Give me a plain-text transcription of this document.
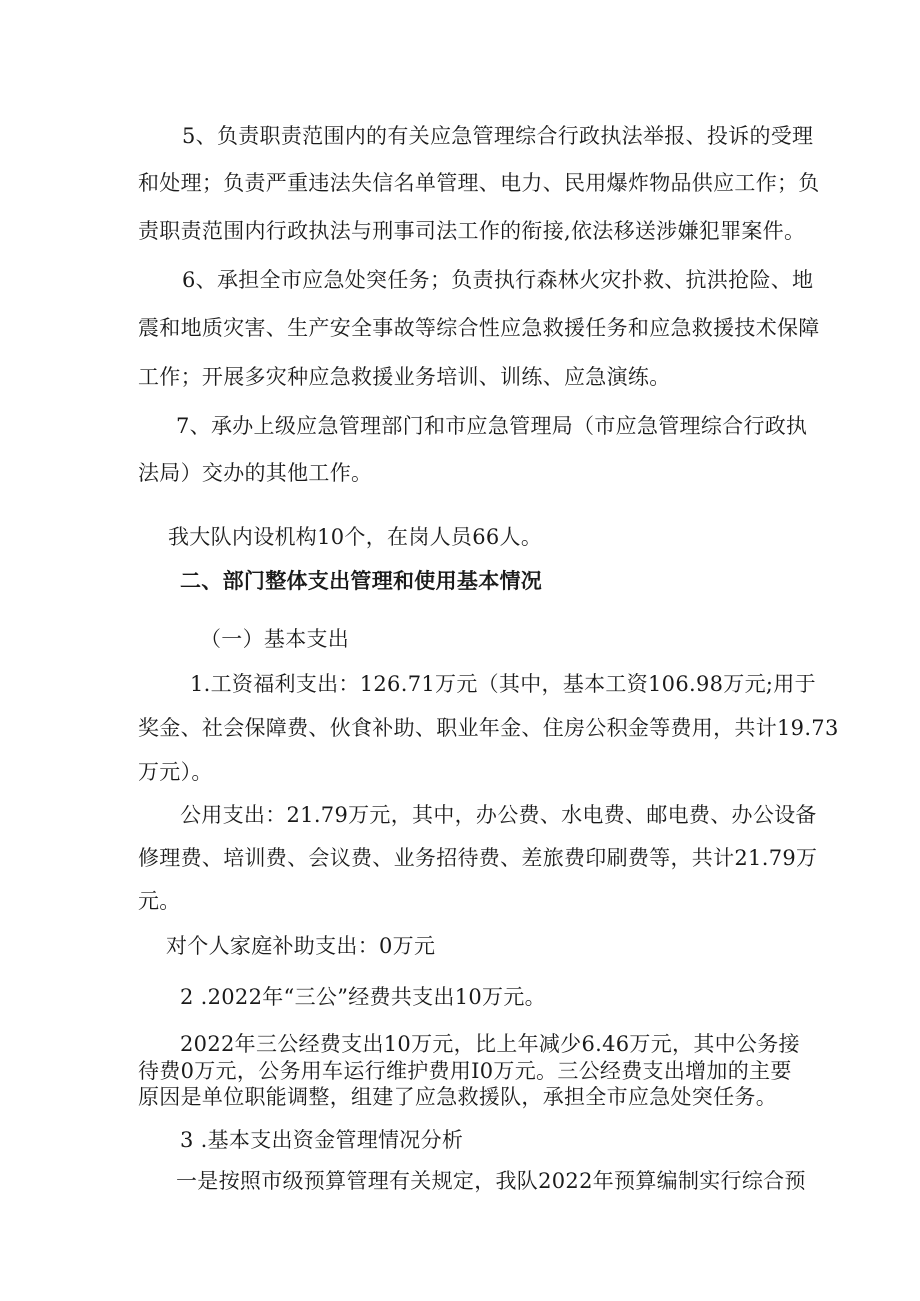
5、负责职责范围内的有关应急管理综合行政执法举报、投诉的受理
和处理；负责严重违法失信名单管理、电力、民用爆炸物品供应工作；负
责职责范围内行政执法与刑事司法工作的衔接,依法移送涉嫌犯罪案件。
6、承担全市应急处突任务；负责执行森林火灾扑救、抗洪抢险、地
震和地质灾害、生产安全事故等综合性应急救援任务和应急救援技术保障
工作；开展多灾种应急救援业务培训、训练、应急演练。
7、承办上级应急管理部门和市应急管理局（市应急管理综合行政执
法局）交办的其他工作。
我大队内设机构10个，在岗人员66人。
二、部门整体支出管理和使用基本情况
（一）基本支出
1.工资福利支出：126.71万元（其中，基本工资106.98万元;用于
奖金、社会保障费、伙食补助、职业年金、住房公积金等费用，共计19.73
万元）。
公用支出：21.79万元，其中，办公费、水电费、邮电费、办公设备
修理费、培训费、会议费、业务招待费、差旅费印刷费等，共计21.79万
元。
对个人家庭补助支出：0万元
2 .2022年“三公”经费共支出10万元。
2022年三公经费支出10万元，比上年减少6.46万元，其中公务接
待费0万元，公务用车运行维护费用I0万元。三公经费支出增加的主要
原因是单位职能调整，组建了应急救援队，承担全市应急处突任务。
3 .基本支出资金管理情况分析
一是按照市级预算管理有关规定，我队2022年预算编制实行综合预
